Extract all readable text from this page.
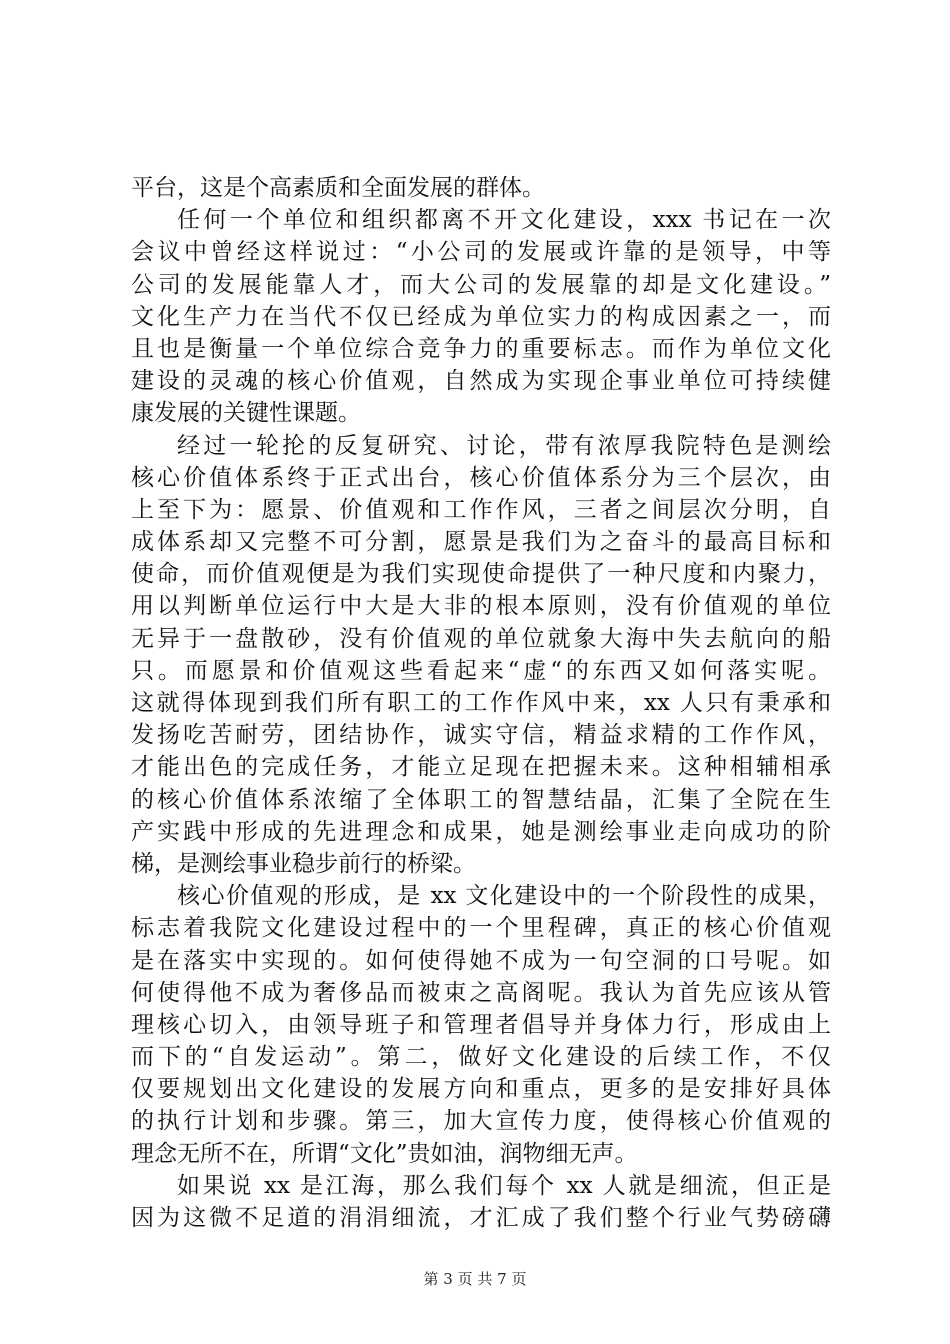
平台，这是个高素质和全面发展的群体。
任何一个单位和组织都离不开文化建设，xxx 书记在一次
会议中曾经这样说过：“小公司的发展或许靠的是领导，中等
公司的发展能靠人才，而大公司的发展靠的却是文化建设。”
文化生产力在当代不仅已经成为单位实力的构成因素之一，而
且也是衡量一个单位综合竞争力的重要标志。而作为单位文化
建设的灵魂的核心价值观，自然成为实现企事业单位可持续健
康发展的关键性课题。
经过一轮抡的反复研究、讨论，带有浓厚我院特色是测绘
核心价值体系终于正式出台，核心价值体系分为三个层次，由
上至下为：愿景、价值观和工作作风，三者之间层次分明，自
成体系却又完整不可分割，愿景是我们为之奋斗的最高目标和
使命，而价值观便是为我们实现使命提供了一种尺度和内聚力，
用以判断单位运行中大是大非的根本原则，没有价值观的单位
无异于一盘散砂，没有价值观的单位就象大海中失去航向的船
只。而愿景和价值观这些看起来“虚“的东西又如何落实呢。
这就得体现到我们所有职工的工作作风中来，xx 人只有秉承和
发扬吃苦耐劳，团结协作，诚实守信，精益求精的工作作风，
才能出色的完成任务，才能立足现在把握未来。这种相辅相承
的核心价值体系浓缩了全体职工的智慧结晶，汇集了全院在生
产实践中形成的先进理念和成果，她是测绘事业走向成功的阶
梯，是测绘事业稳步前行的桥梁。
核心价值观的形成，是 xx 文化建设中的一个阶段性的成果，
标志着我院文化建设过程中的一个里程碑，真正的核心价值观
是在落实中实现的。如何使得她不成为一句空洞的口号呢。如
何使得他不成为奢侈品而被束之高阁呢。我认为首先应该从管
理核心切入，由领导班子和管理者倡导并身体力行，形成由上
而下的“自发运动”。第二，做好文化建设的后续工作，不仅
仅要规划出文化建设的发展方向和重点，更多的是安排好具体
的执行计划和步骤。第三，加大宣传力度，使得核心价值观的
理念无所不在，所谓“文化”贵如油，润物细无声。
如果说 xx 是江海，那么我们每个 xx 人就是细流，但正是
因为这微不足道的涓涓细流，才汇成了我们整个行业气势磅礴
第 3 页 共 7 页
